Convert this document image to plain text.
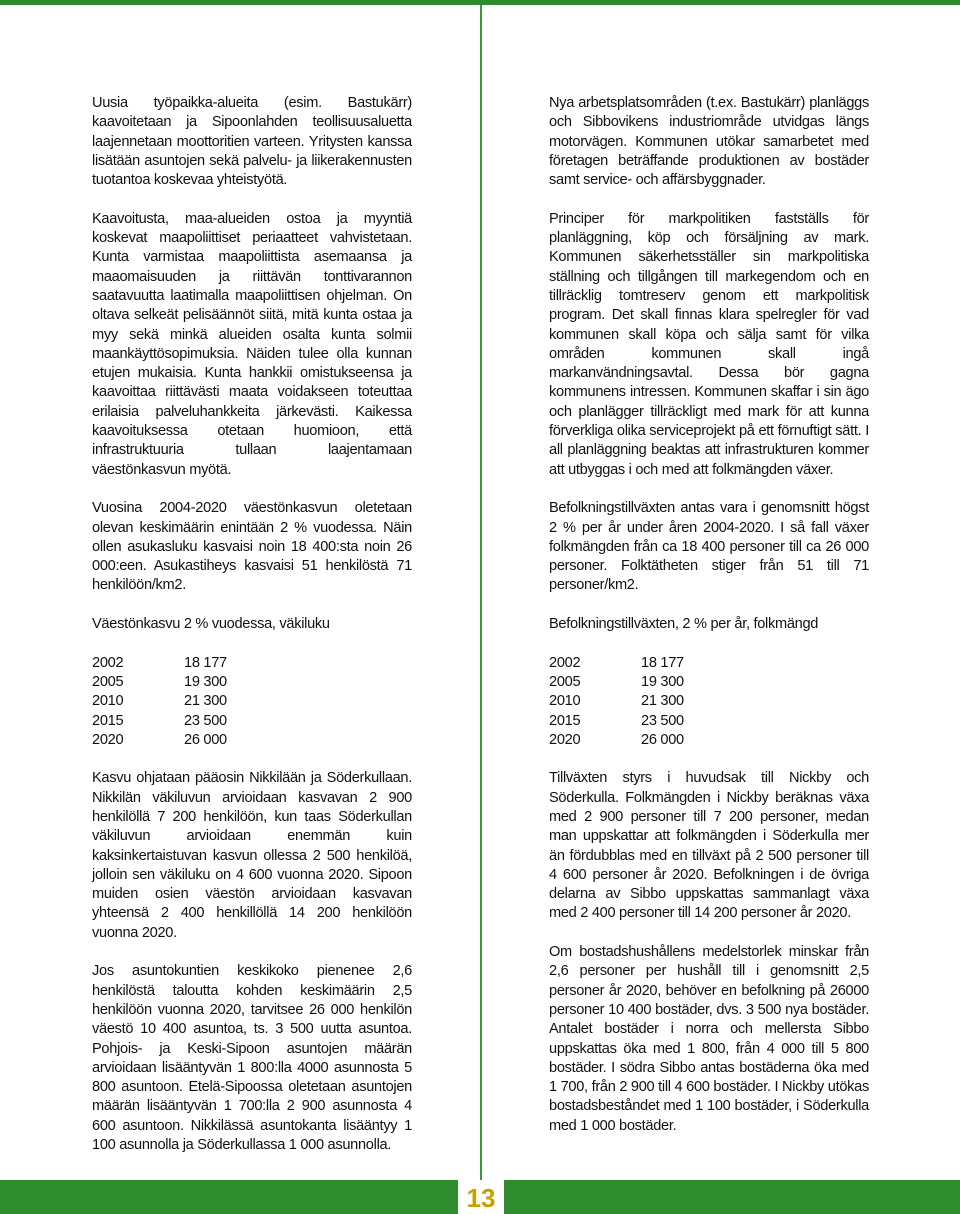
Uusia työpaikka-alueita (esim. Bastukärr) kaavoitetaan ja Sipoonlahden teollisuusaluetta laajennetaan moottoritien varteen. Yritysten kanssa lisätään asuntojen sekä palvelu- ja liikerakennusten tuotantoa koskevaa yhteistyötä.

Kaavoitusta, maa-alueiden ostoa ja myyntiä koskevat maapoliittiset periaatteet vahvistetaan. Kunta varmistaa maapoliittista asemaansa ja maaomaisuuden ja riittävän tonttivarannon saatavuutta laatimalla maapoliittisen ohjelman. On oltava selkeät pelisäännöt siitä, mitä kunta ostaa ja myy sekä minkä alueiden osalta kunta solmii maankäyttösopimuksia. Näiden tulee olla kunnan etujen mukaisia. Kunta hankkii omistukseensa ja kaavoittaa riittävästi maata voidakseen toteuttaa erilaisia palveluhankkeita järkevästi. Kaikessa kaavoituksessa otetaan huomioon, että infrastruktuuria tullaan laajentamaan väestönkasvun myötä.

Vuosina 2004-2020 väestönkasvun oletetaan olevan keskimäärin enintään 2 % vuodessa. Näin ollen asukasluku kasvaisi noin 18 400:sta noin 26 000:een. Asukastiheys kasvaisi 51 henkilöstä 71 henkilöön/km2.

Väestönkasvu 2 % vuodessa, väkiluku

2002	18 177
2005	19 300
2010	21 300
2015	23 500
2020	26 000

Kasvu ohjataan pääosin Nikkilään ja Söderkullaan. Nikkilän väkiluvun arvioidaan kasvavan 2 900 henkilöllä 7 200 henkilöön, kun taas Söderkullan väkiluvun arvioidaan enemmän kuin kaksinkertaistuvan kasvun ollessa 2 500 henkilöä, jolloin sen väkiluku on 4 600 vuonna 2020. Sipoon muiden osien väestön arvioidaan kasvavan yhteensä 2 400 henkillöllä 14 200 henkilöön vuonna 2020.

Jos asuntokuntien keskikoko pienenee 2,6 henkilöstä taloutta kohden keskimäärin 2,5 henkilöön vuonna 2020, tarvitsee 26 000 henkilön väestö 10 400 asuntoa, ts. 3 500 uutta asuntoa. Pohjois- ja Keski-Sipoon asuntojen määrän arvioidaan lisääntyvän 1 800:lla 4000 asunnosta 5 800 asuntoon. Etelä-Sipoossa oletetaan asuntojen määrän lisääntyvän 1 700:lla 2 900 asunnosta 4 600 asuntoon. Nikkilässä asuntokanta lisääntyy 1 100 asunnolla ja Söderkullassa 1 000 asunnolla.

Nya arbetsplatsområden (t.ex. Bastukärr) planläggs och Sibbovikens industriområde utvidgas längs motorvägen. Kommunen utökar samarbetet med företagen beträffande produktionen av bostäder samt service- och affärsbyggnader.

Principer för markpolitiken fastställs för planläggning, köp och försäljning av mark. Kommunen säkerhetsställer sin markpolitiska ställning och tillgången till markegendom och en tillräcklig tomtreserv genom ett markpolitisk program. Det skall finnas klara spelregler för vad kommunen skall köpa och sälja samt för vilka områden kommunen skall ingå markanvändningsavtal. Dessa bör gagna kommunens intressen. Kommunen skaffar i sin ägo och planlägger tillräckligt med mark för att kunna förverkliga olika serviceprojekt på ett förnuftigt sätt. I all planläggning beaktas att infrastrukturen kommer att utbyggas i och med att folkmängden växer.

Befolkningstillväxten antas vara i genomsnitt högst 2 % per år under åren 2004-2020. I så fall växer folkmängden från ca 18 400 personer till ca 26 000 personer. Folktätheten stiger från 51 till 71 personer/km2.

Befolkningstillväxten, 2 % per år, folkmängd

2002	18 177
2005	19 300
2010	21 300
2015	23 500
2020	26 000

Tillväxten styrs i huvudsak till Nickby och Söderkulla. Folkmängden i Nickby beräknas växa med 2 900 personer till 7 200 personer, medan man uppskattar att folkmängden i Söderkulla mer än fördubblas med en tillväxt på 2 500 personer till 4 600 personer år 2020. Befolkningen i de övriga delarna av Sibbo uppskattas sammanlagt växa med 2 400 personer till 14 200 personer år 2020.

Om bostadshushållens medelstorlek minskar från 2,6 personer per hushåll till i genomsnitt 2,5 personer år 2020, behöver en befolkning på 26000 personer 10 400 bostäder, dvs. 3 500 nya bostäder. Antalet bostäder i norra och mellersta Sibbo uppskattas öka med 1 800, från 4 000 till 5 800 bostäder. I södra Sibbo antas bostäderna öka med 1 700, från 2 900 till 4 600 bostäder. I Nickby utökas bostadsbeståndet med 1 100 bostäder, i Söderkulla med 1 000 bostäder.

13
